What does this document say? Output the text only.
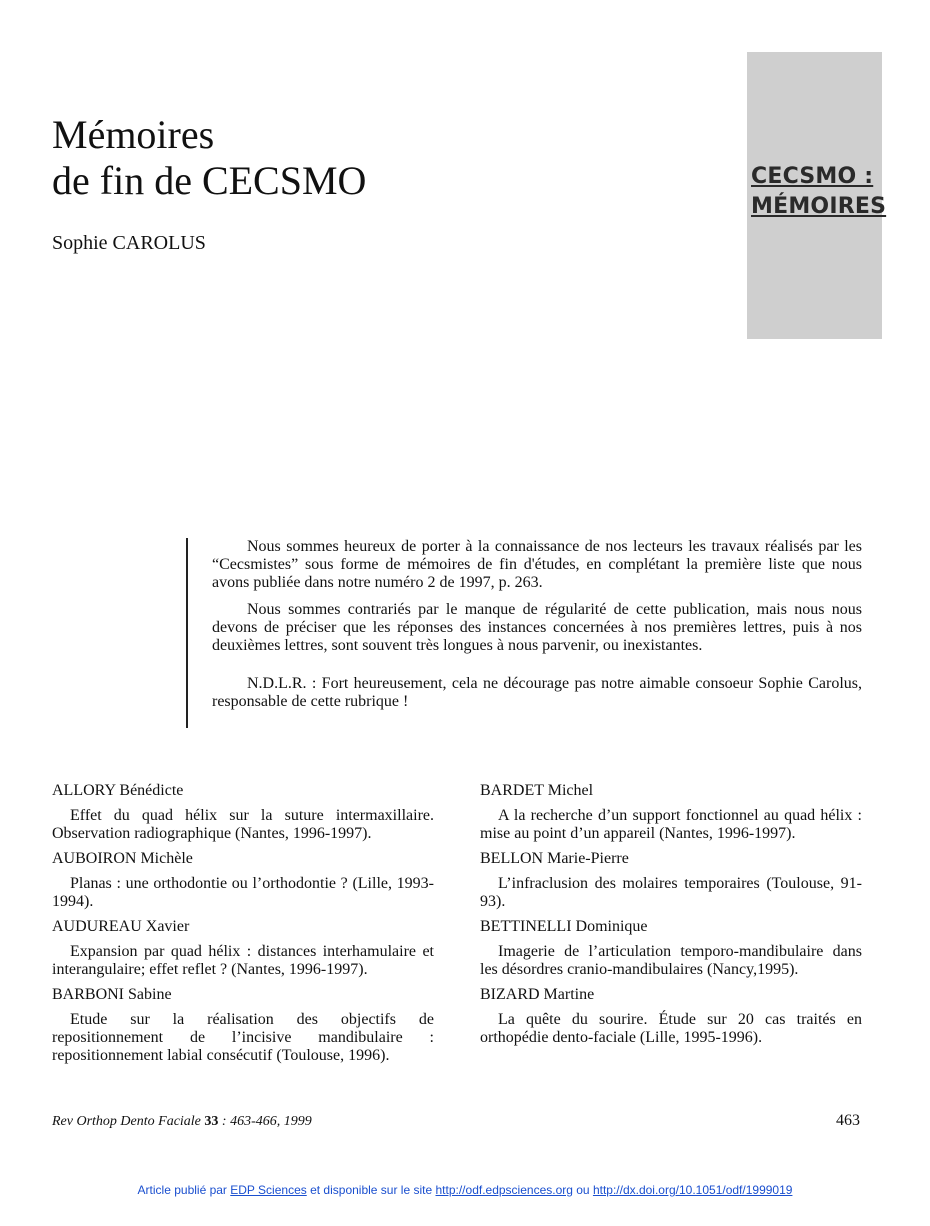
Mémoires
de fin de CECSMO
Sophie CAROLUS
CECSMO :
MÉMOIRES

Nous sommes heureux de porter à la connaissance de nos lecteurs les travaux réalisés par les “Cecsmistes” sous forme de mémoires de fin d'études, en complétant la première liste que nous avons publiée dans notre numéro 2 de 1997, p. 263.

Nous sommes contrariés par le manque de régularité de cette publication, mais nous nous devons de préciser que les réponses des instances concernées à nos premières lettres, puis à nos deuxièmes lettres, sont souvent très longues à nous parvenir, ou inexistantes.

N.D.L.R. : Fort heureusement, cela ne décourage pas notre aimable consoeur Sophie Carolus, responsable de cette rubrique !

ALLORY Bénédicte
Effet du quad hélix sur la suture intermaxillaire. Observation radiographique (Nantes, 1996-1997).
AUBOIRON Michèle
Planas : une orthodontie ou l’orthodontie ? (Lille, 1993-1994).
AUDUREAU Xavier
Expansion par quad hélix : distances interhamulaire et interangulaire; effet reflet ? (Nantes, 1996-1997).
BARBONI Sabine
Etude sur la réalisation des objectifs de repositionnement de l’incisive mandibulaire : repositionnement labial consécutif (Toulouse, 1996).
BARDET Michel
A la recherche d’un support fonctionnel au quad hélix : mise au point d’un appareil (Nantes, 1996-1997).
BELLON Marie-Pierre
L’infraclusion des molaires temporaires (Toulouse, 91-93).
BETTINELLI Dominique
Imagerie de l’articulation temporo-mandibulaire dans les désordres cranio-mandibulaires (Nancy,1995).
BIZARD Martine
La quête du sourire. Étude sur 20 cas traités en orthopédie dento-faciale (Lille, 1995-1996).
Rev Orthop Dento Faciale 33 : 463-466, 1999	463
Article publié par EDP Sciences et disponible sur le site http://odf.edpsciences.org ou http://dx.doi.org/10.1051/odf/1999019
